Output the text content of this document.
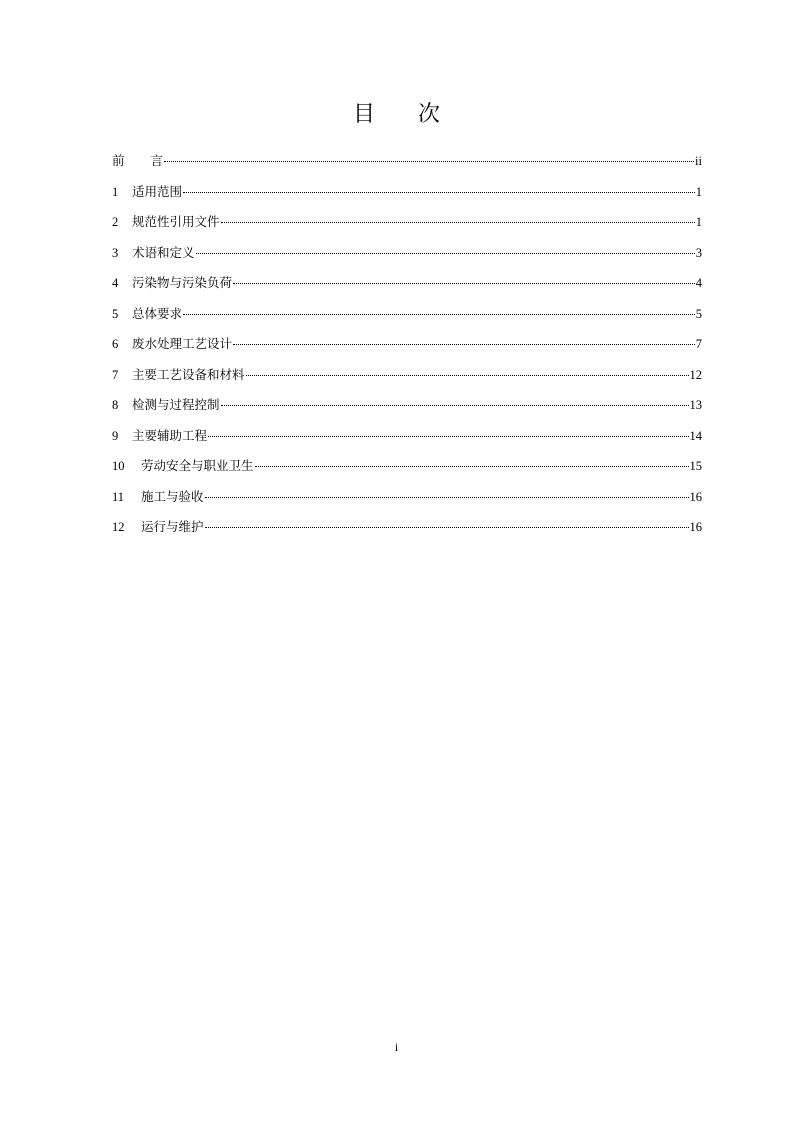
目 次
前 言	ii
1	适用范围	1
2	规范性引用文件	1
3	术语和定义	3
4	污染物与污染负荷	4
5	总体要求	5
6	废水处理工艺设计	7
7	主要工艺设备和材料	12
8	检测与过程控制	13
9	主要辅助工程	14
10	劳动安全与职业卫生	15
11	施工与验收	16
12	运行与维护	16
i
